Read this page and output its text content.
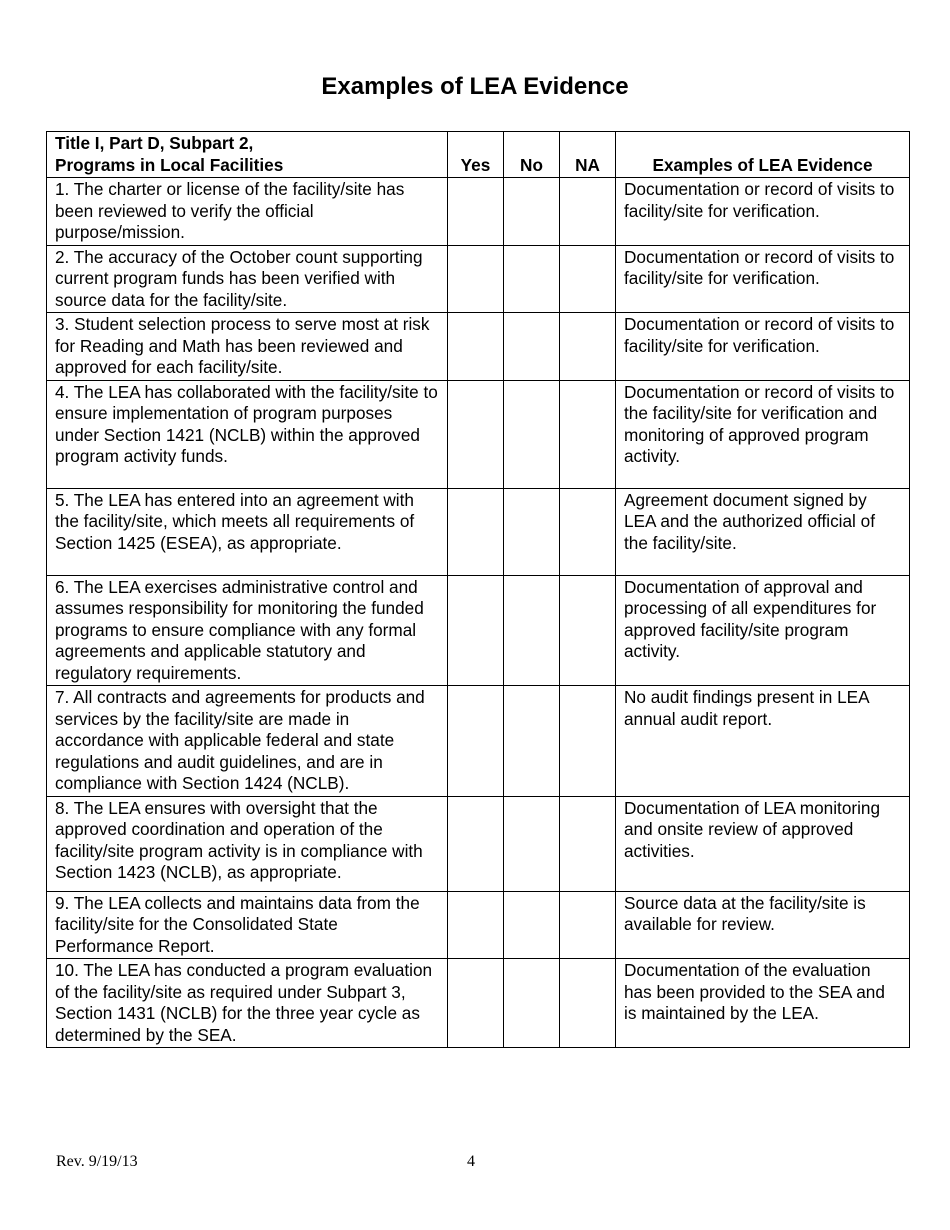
Examples of LEA Evidence
Title I, Part D, Subpart 2,
Programs in Local Facilities	Yes	No	NA	Examples of LEA Evidence
1. The charter or license of the facility/site has been reviewed to verify the official purpose/mission.				Documentation or record of visits to facility/site for verification.
2. The accuracy of the October count supporting current program funds has been verified with source data for the facility/site.				Documentation or record of visits to facility/site for verification.
3. Student selection process to serve most at risk for Reading and Math has been reviewed and approved for each facility/site.				Documentation or record of visits to facility/site for verification.
4. The LEA has collaborated with the facility/site to ensure implementation of program purposes under Section 1421 (NCLB) within the approved program activity funds.				Documentation or record of visits to the facility/site for verification and monitoring of approved program activity.
5. The LEA has entered into an agreement with the facility/site, which meets all requirements of Section 1425 (ESEA), as appropriate.				Agreement document signed by LEA and the authorized official of the facility/site.
6. The LEA exercises administrative control and assumes responsibility for monitoring the funded programs to ensure compliance with any formal agreements and applicable statutory and regulatory requirements.				Documentation of approval and processing of all expenditures for approved facility/site program activity.
7. All contracts and agreements for products and services by the facility/site are made in accordance with applicable federal and state regulations and audit guidelines, and are in compliance with Section 1424 (NCLB).				No audit findings present in LEA annual audit report.
8. The LEA ensures with oversight that the approved coordination and operation of the facility/site program activity is in compliance with Section 1423 (NCLB), as appropriate.				Documentation of LEA monitoring and onsite review of approved activities.
9. The LEA collects and maintains data from the facility/site for the Consolidated State Performance Report.				Source data at the facility/site is available for review.
10. The LEA has conducted a program evaluation of the facility/site as required under Subpart 3, Section 1431 (NCLB) for the three year cycle as determined by the SEA.				Documentation of the evaluation has been provided to the SEA and is maintained by the LEA.
Rev. 9/19/13	4
